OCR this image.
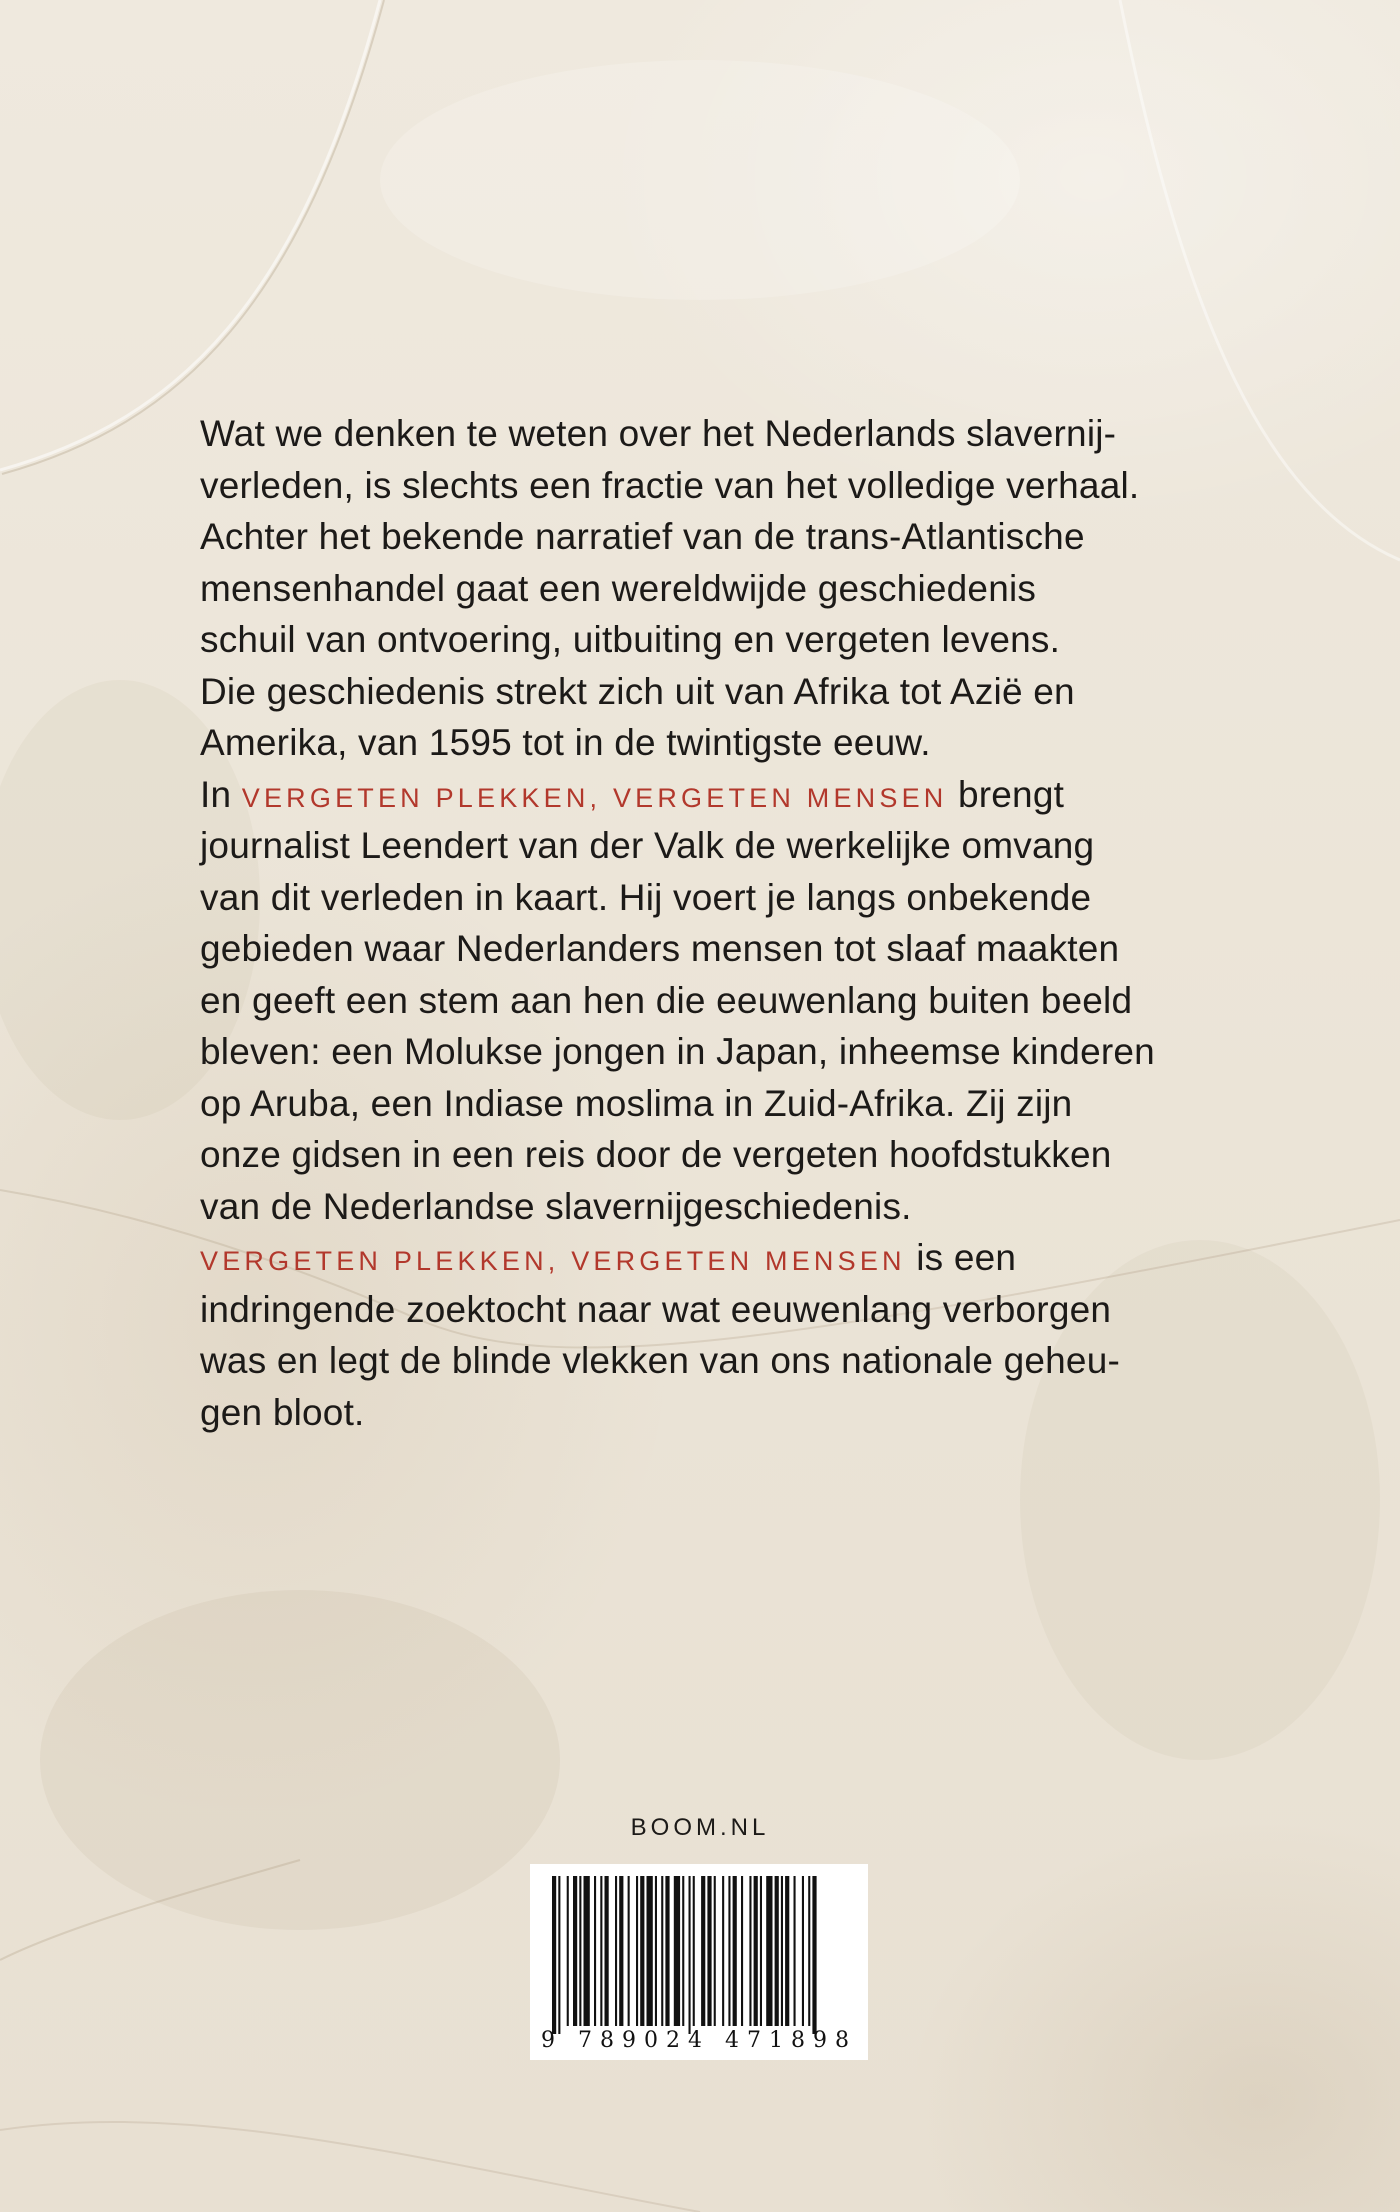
Wat we denken te weten over het Nederlands slavernij-
verleden, is slechts een fractie van het volledige verhaal.
Achter het bekende narratief van de trans-Atlantische
mensenhandel gaat een wereldwijde geschiedenis
schuil van ontvoering, uitbuiting en vergeten levens.
Die geschiedenis strekt zich uit van Afrika tot Azië en
Amerika, van 1595 tot in de twintigste eeuw.
In VERGETEN PLEKKEN, VERGETEN MENSEN brengt
journalist Leendert van der Valk de werkelijke omvang
van dit verleden in kaart. Hij voert je langs onbekende
gebieden waar Nederlanders mensen tot slaaf maakten
en geeft een stem aan hen die eeuwenlang buiten beeld
bleven: een Molukse jongen in Japan, inheemse kinderen
op Aruba, een Indiase moslima in Zuid-Afrika. Zij zijn
onze gidsen in een reis door de vergeten hoofdstukken
van de Nederlandse slavernijgeschiedenis.
VERGETEN PLEKKEN, VERGETEN MENSEN is een
indringende zoektocht naar wat eeuwenlang verborgen
was en legt de blinde vlekken van ons nationale geheu-
gen bloot.
BOOM.NL
9 789024 471898
